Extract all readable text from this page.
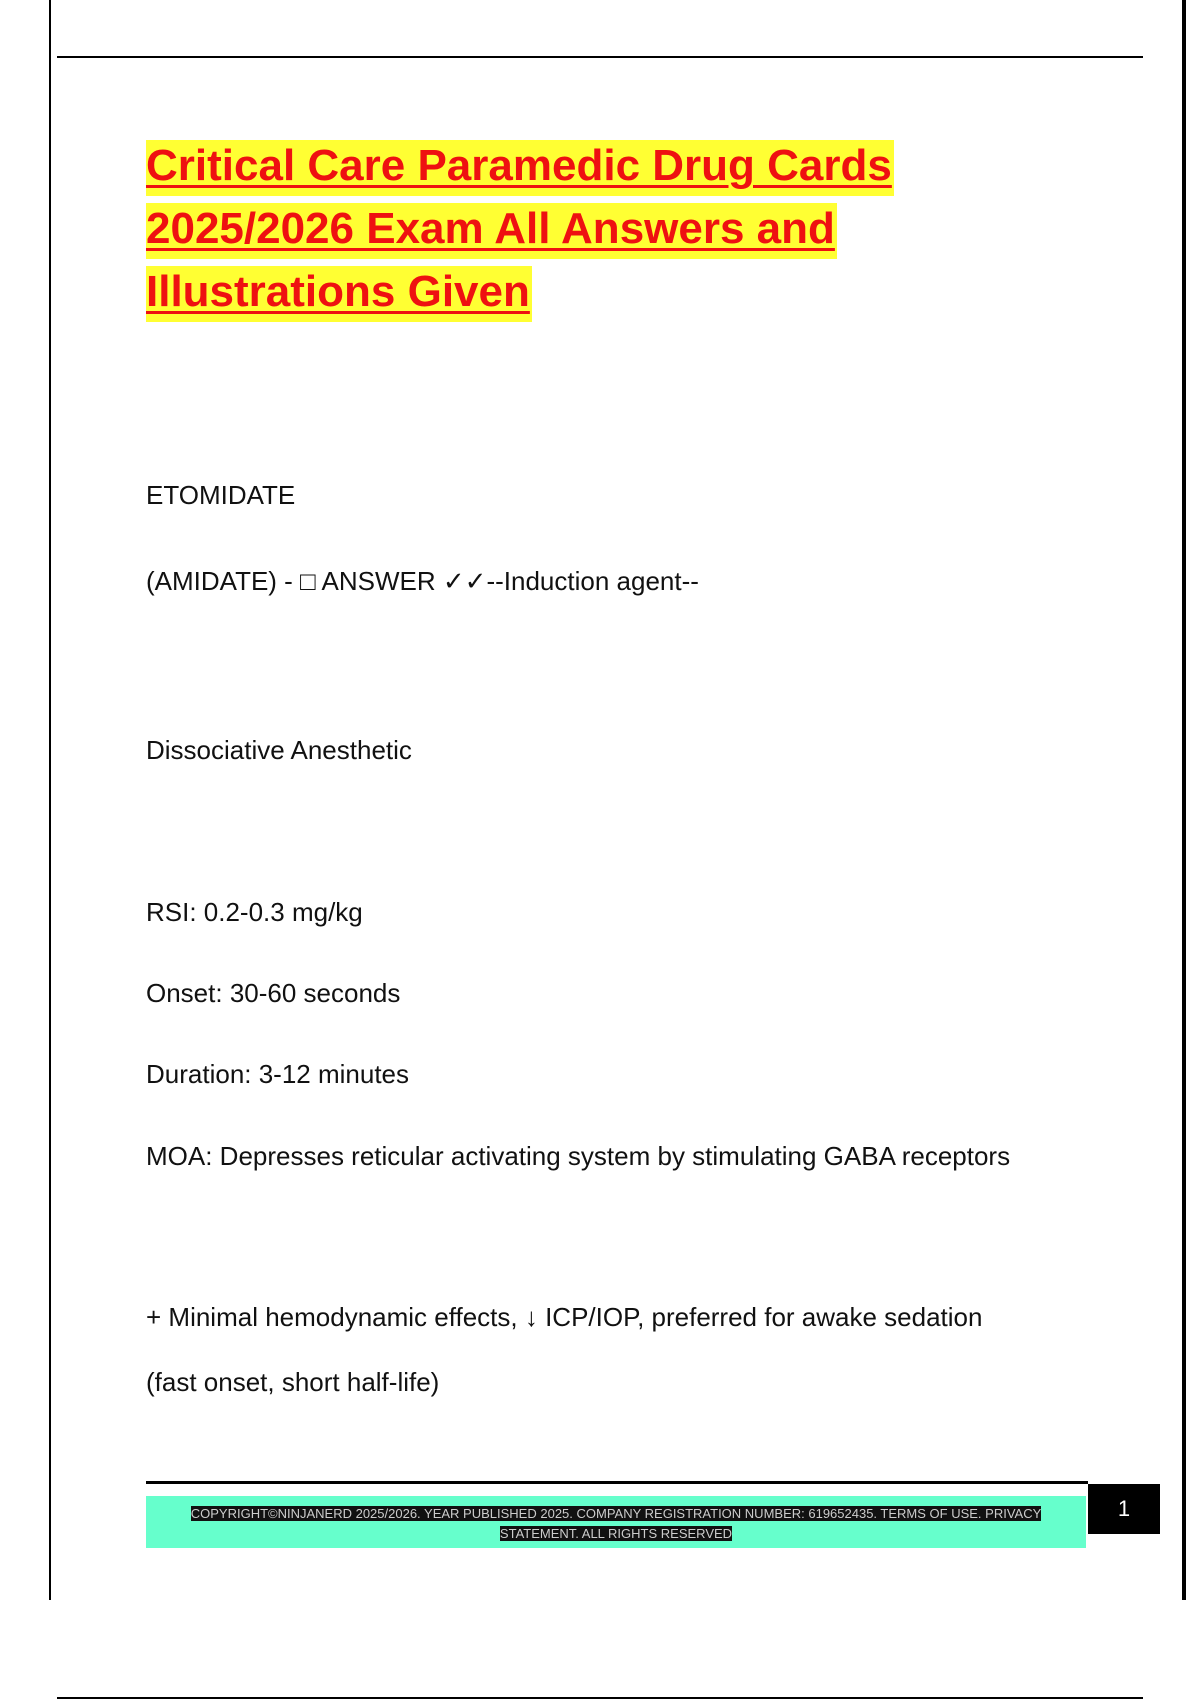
Critical Care Paramedic Drug Cards
2025/2026 Exam All Answers and
Illustrations Given
ETOMIDATE
(AMIDATE) - □ ANSWER ✓✓--Induction agent--
Dissociative Anesthetic
RSI: 0.2-0.3 mg/kg
Onset: 30-60 seconds
Duration: 3-12 minutes
MOA: Depresses reticular activating system by stimulating GABA receptors
+ Minimal hemodynamic effects, ↓ ICP/IOP, preferred for awake sedation
(fast onset, short half-life)
COPYRIGHT©NINJANERD 2025/2026. YEAR PUBLISHED 2025. COMPANY REGISTRATION NUMBER: 619652435. TERMS OF USE. PRIVACY
STATEMENT. ALL RIGHTS RESERVED
1
